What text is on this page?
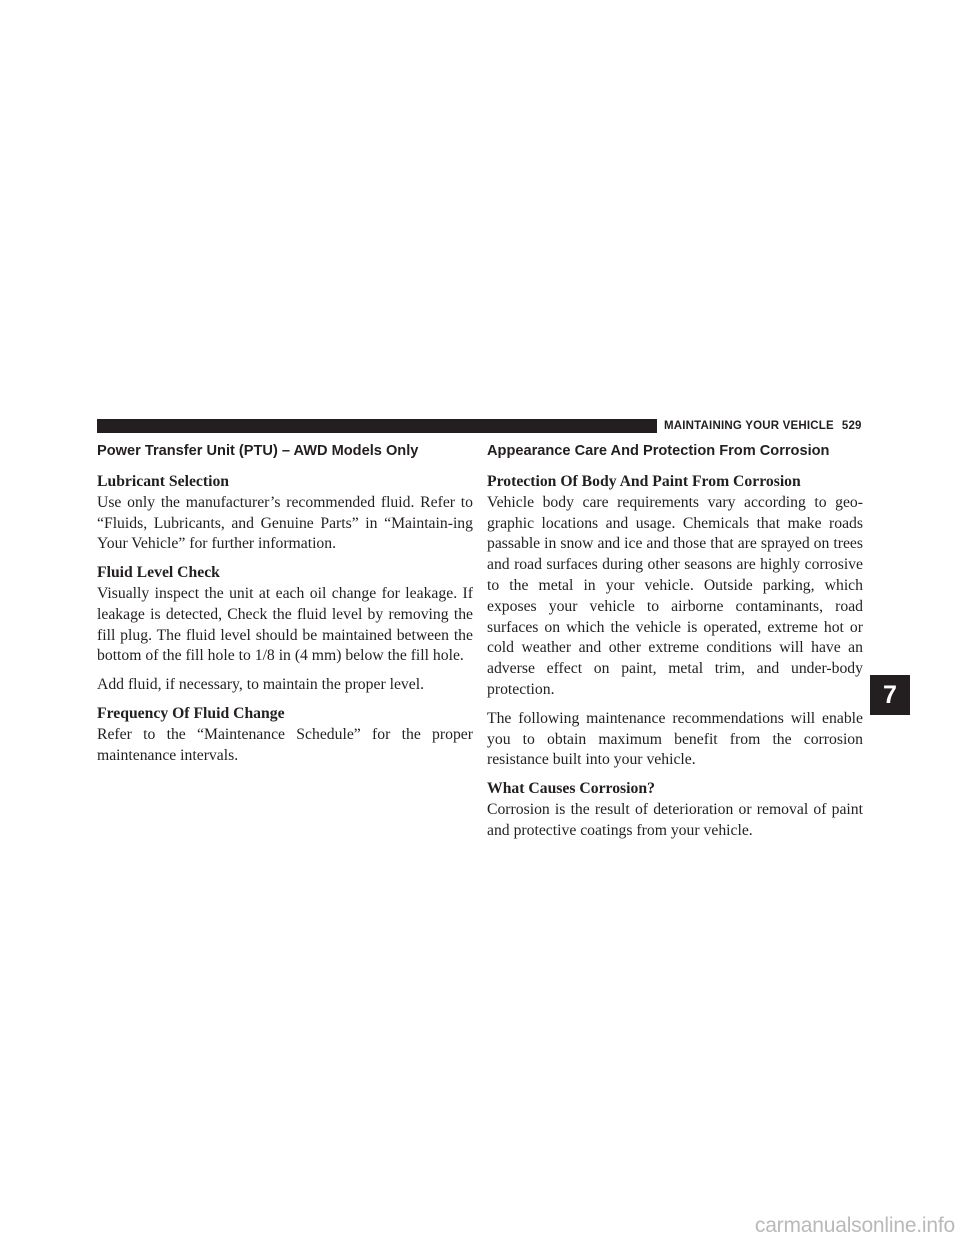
MAINTAINING YOUR VEHICLE 529
Power Transfer Unit (PTU) – AWD Models Only
Lubricant Selection

Use only the manufacturer’s recommended fluid. Refer to “Fluids, Lubricants, and Genuine Parts” in “Maintain-ing Your Vehicle” for further information.

Fluid Level Check

Visually inspect the unit at each oil change for leakage. If leakage is detected, Check the fluid level by removing the fill plug. The fluid level should be maintained between the bottom of the fill hole to 1/8 in (4 mm) below the fill hole.

Add fluid, if necessary, to maintain the proper level.

Frequency Of Fluid Change

Refer to the “Maintenance Schedule” for the proper maintenance intervals.

Appearance Care And Protection From Corrosion
Protection Of Body And Paint From Corrosion

Vehicle body care requirements vary according to geo-graphic locations and usage. Chemicals that make roads passable in snow and ice and those that are sprayed on trees and road surfaces during other seasons are highly corrosive to the metal in your vehicle. Outside parking, which exposes your vehicle to airborne contaminants, road surfaces on which the vehicle is operated, extreme hot or cold weather and other extreme conditions will have an adverse effect on paint, metal trim, and under-body protection.

The following maintenance recommendations will enable you to obtain maximum benefit from the corrosion resistance built into your vehicle.

What Causes Corrosion?

Corrosion is the result of deterioration or removal of paint and protective coatings from your vehicle.

7
carmanualsonline.info
